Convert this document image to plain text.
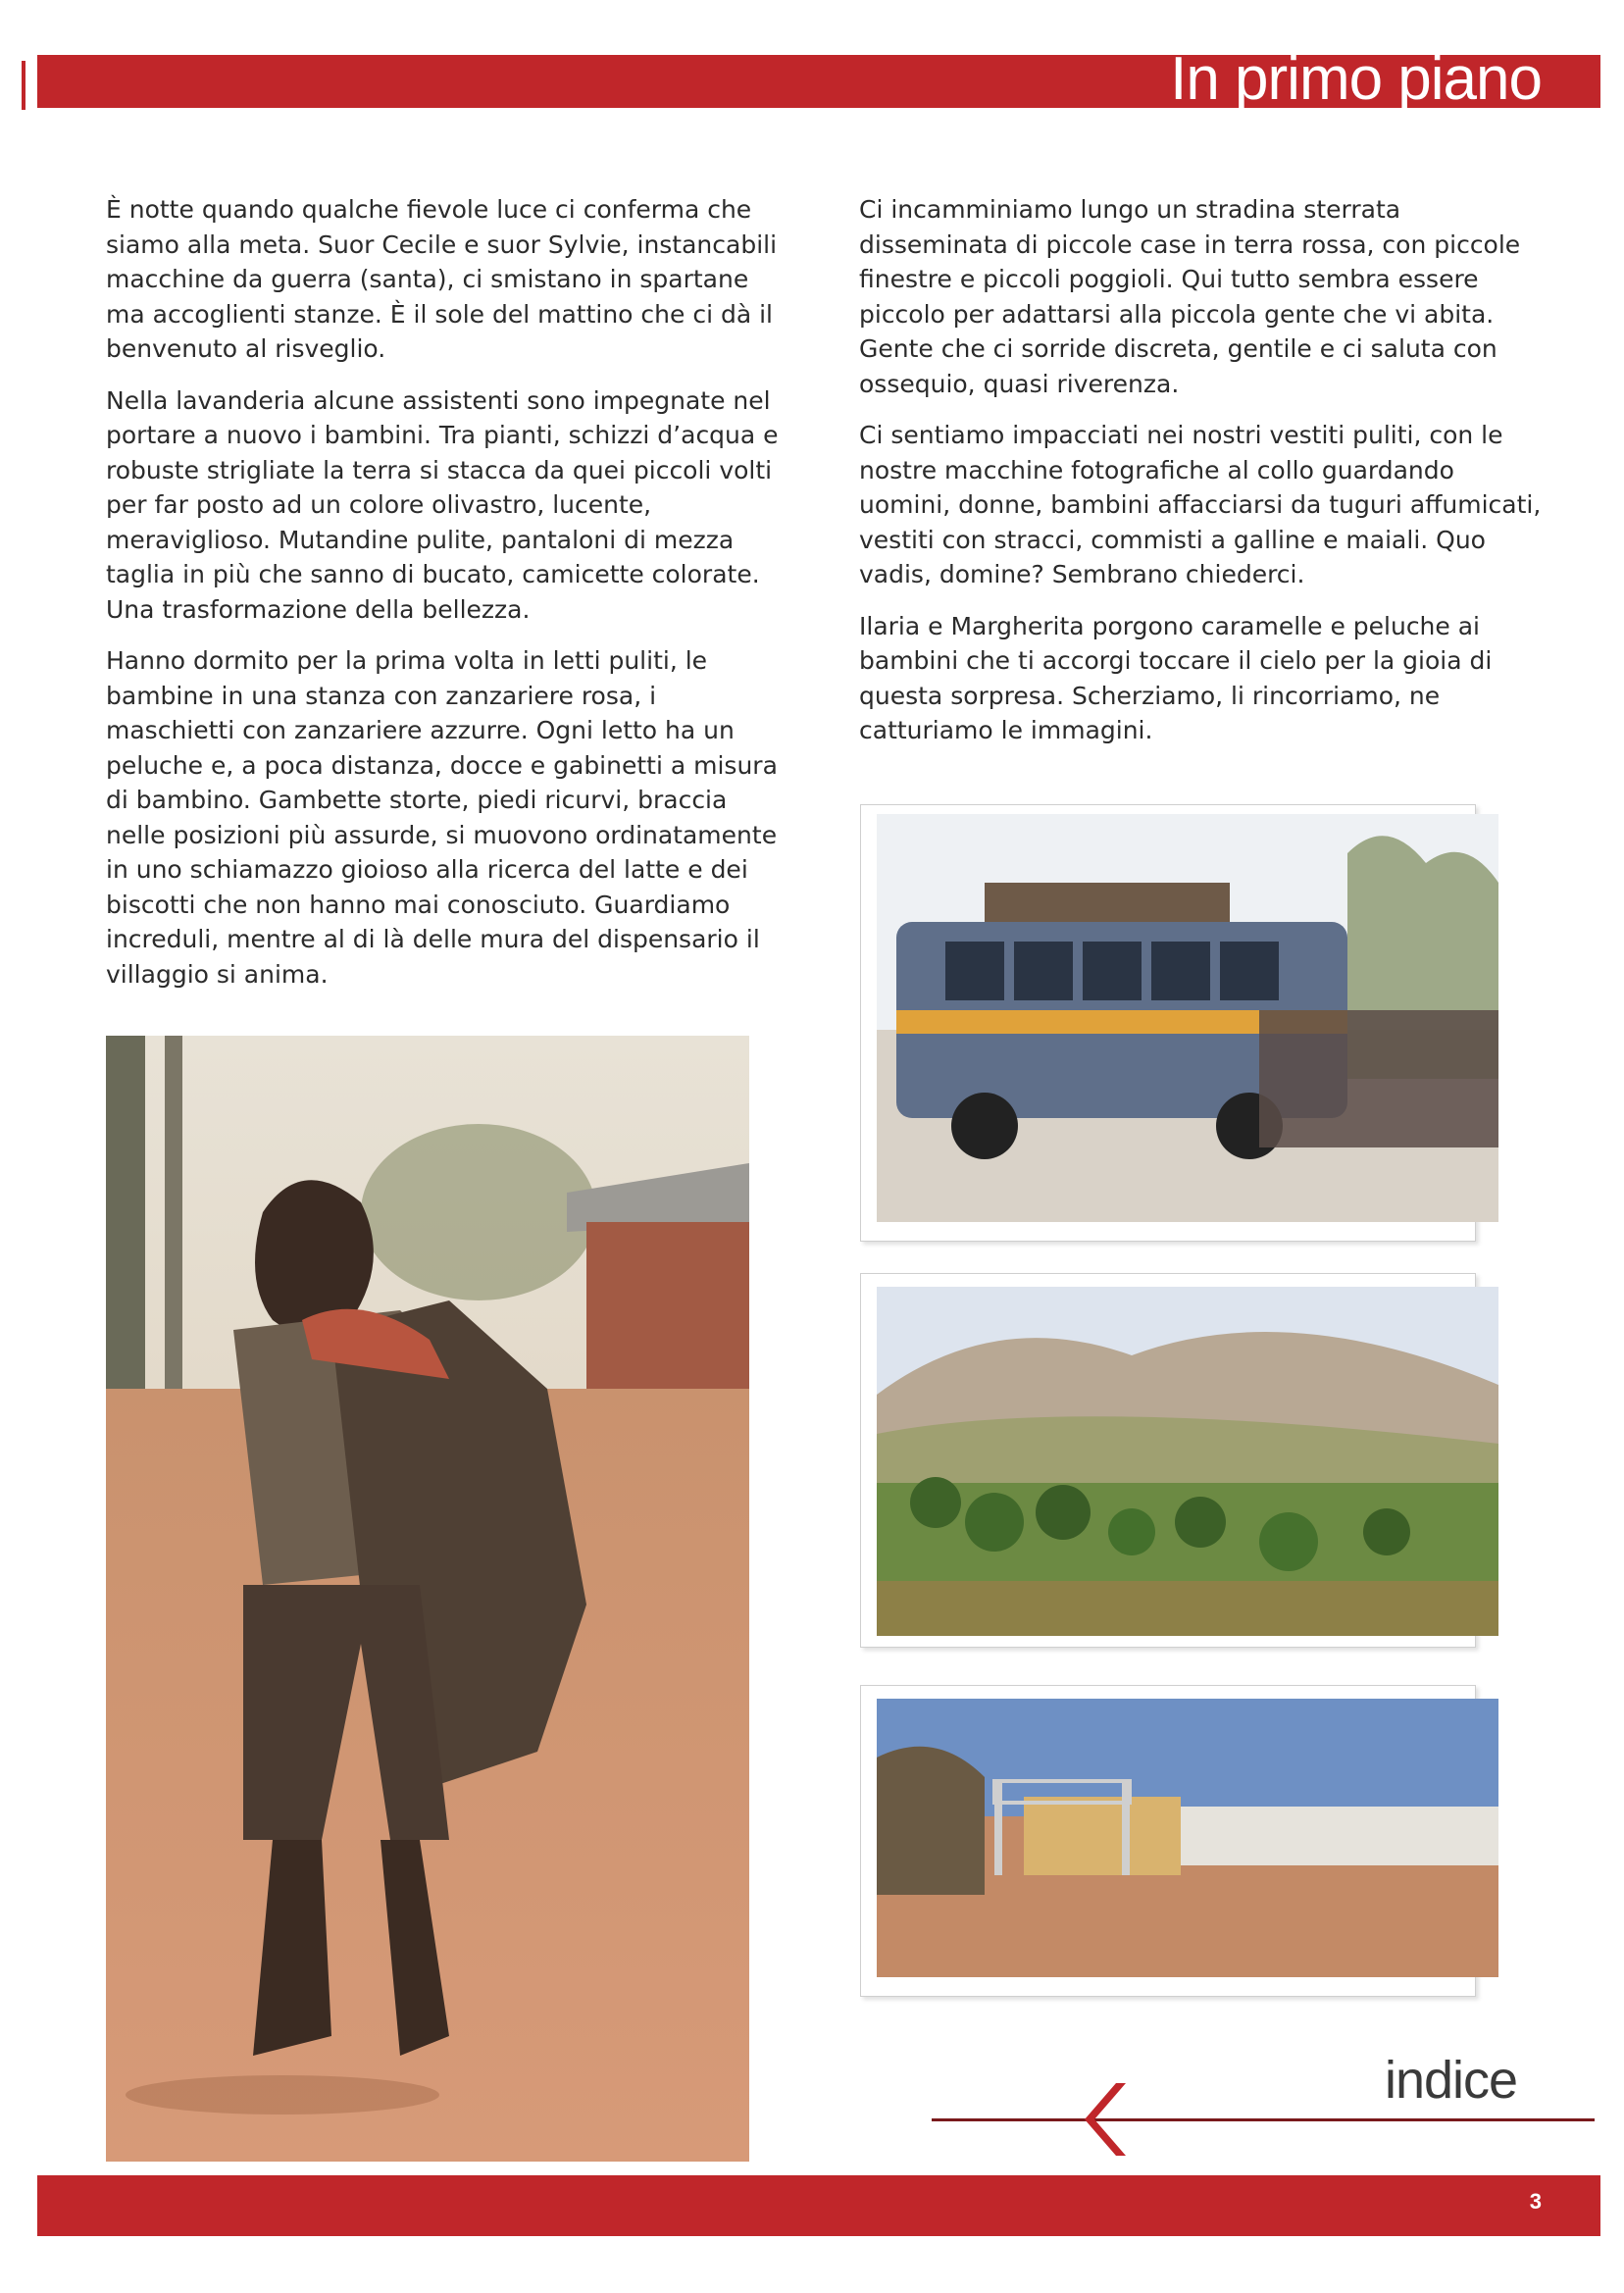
In primo piano

È notte quando qualche fievole luce ci conferma che siamo alla meta. Suor Cecile e suor Sylvie, instancabili macchine da guerra (santa), ci smistano in spartane ma accoglienti stanze. È il sole del mattino che ci dà il benvenuto al risveglio.

Nella lavanderia alcune assistenti sono impegnate nel portare a nuovo i bambini. Tra pianti, schizzi d’acqua e robuste strigliate la terra si stacca da quei piccoli volti per far posto ad un colore olivastro, lucente, meraviglioso. Mutandine pulite, pantaloni di mezza taglia in più che sanno di bucato, camicette colorate. Una trasformazione della bellezza.

Hanno dormito per la prima volta in letti puliti, le bambine in una stanza con zanzariere rosa, i maschietti con zanzariere azzurre. Ogni letto ha un peluche e, a poca distanza, docce e gabinetti a misura di bambino. Gambette storte, piedi ricurvi, braccia nelle posizioni più assurde, si muovono ordinatamente in uno schiamazzo gioioso alla ricerca del latte e dei biscotti che non hanno mai conosciuto. Guardiamo increduli, mentre al di là delle mura del dispensario il villaggio si anima.

Ci incamminiamo lungo un stradina sterrata disseminata di piccole case in terra rossa, con piccole finestre e piccoli poggioli. Qui tutto sembra essere piccolo per adattarsi alla piccola gente che vi abita. Gente che ci sorride discreta, gentile e ci saluta con ossequio, quasi riverenza.

Ci sentiamo impacciati nei nostri vestiti puliti, con le nostre macchine fotografiche al collo guardando uomini, donne, bambini affacciarsi da tuguri affumicati, vestiti con stracci, commisti a galline e maiali. Quo vadis, domine? Sembrano chiederci.

Ilaria e Margherita porgono caramelle e peluche ai bambini che ti accorgi toccare il cielo per la gioia di questa sorpresa. Scherziamo, li rincorriamo, ne catturiamo le immagini.

indice
3
